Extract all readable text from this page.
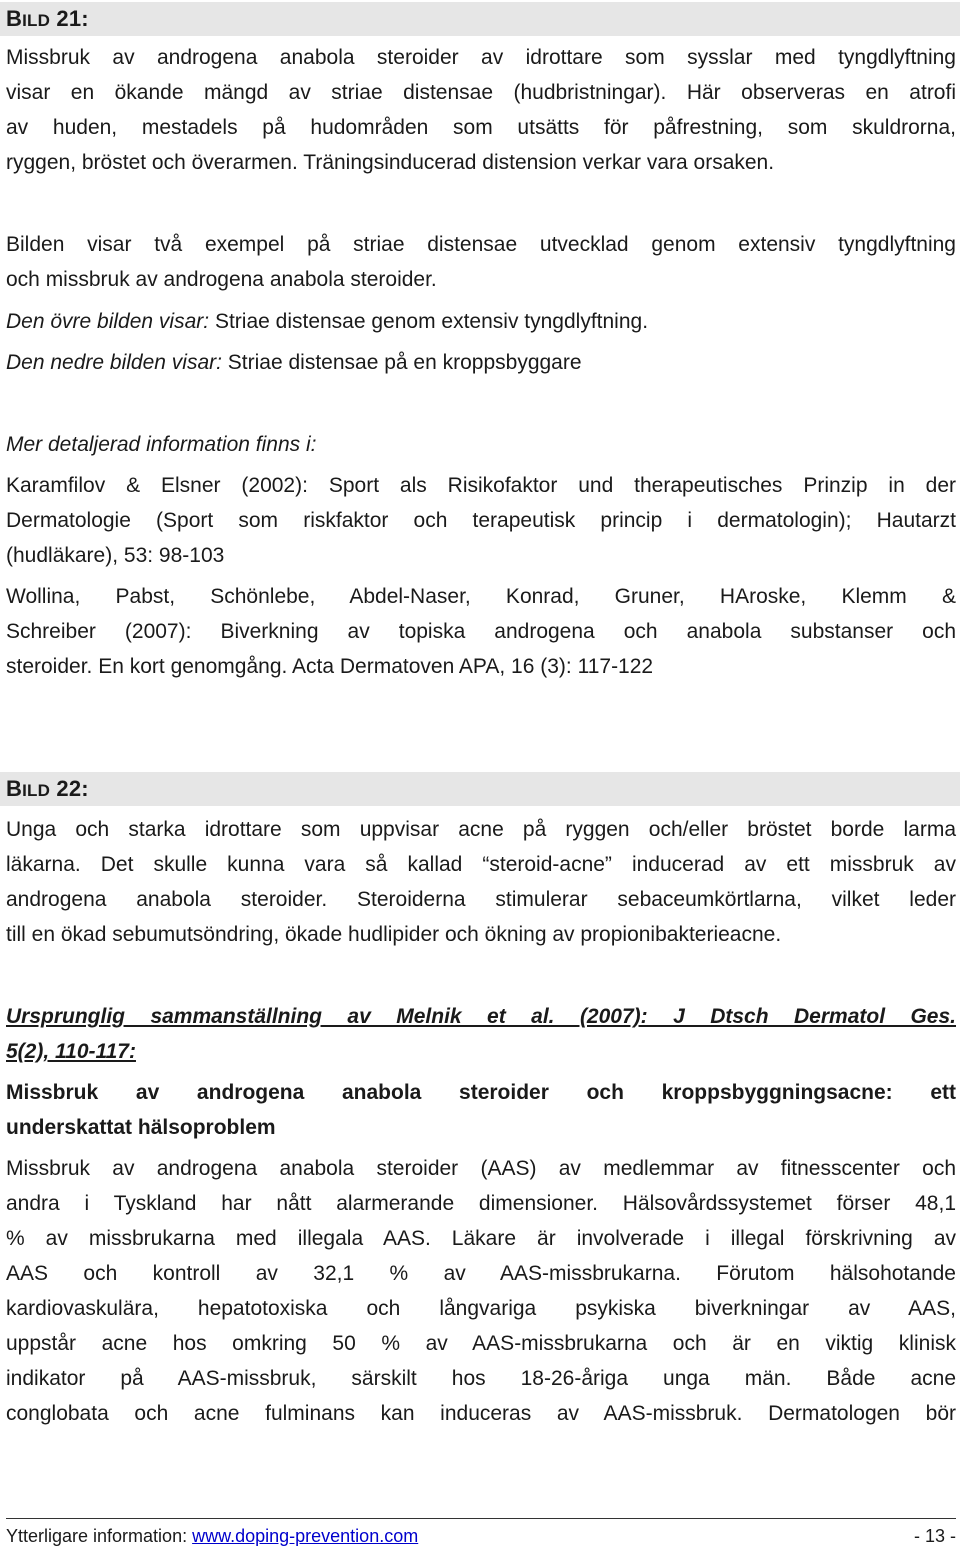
BILD 21:
Missbruk av androgena anabola steroider av idrottare som sysslar med tyngdlyftning
visar en ökande mängd av striae distensae (hudbristningar). Här observeras en atrofi
av huden, mestadels på hudområden som utsätts för påfrestning, som skuldrorna,
ryggen, bröstet och överarmen. Träningsinducerad distension verkar vara orsaken.
Bilden visar två exempel på striae distensae utvecklad genom extensiv tyngdlyftning
och missbruk av androgena anabola steroider.
Den övre bilden visar: Striae distensae genom extensiv tyngdlyftning.
Den nedre bilden visar: Striae distensae på en kroppsbyggare
Mer detaljerad information finns i:
Karamfilov & Elsner (2002): Sport als Risikofaktor und therapeutisches Prinzip in der
Dermatologie (Sport som riskfaktor och terapeutisk princip i dermatologin); Hautarzt
(hudläkare), 53: 98-103
Wollina, Pabst, Schönlebe, Abdel-Naser, Konrad, Gruner, HAroske, Klemm &
Schreiber (2007): Biverkning av topiska androgena och anabola substanser och
steroider. En kort genomgång. Acta Dermatoven APA, 16 (3): 117-122
BILD 22:
Unga och starka idrottare som uppvisar acne på ryggen och/eller bröstet borde larma
läkarna. Det skulle kunna vara så kallad “steroid-acne” inducerad av ett missbruk av
androgena anabola steroider. Steroiderna stimulerar sebaceumkörtlarna, vilket leder
till en ökad sebumutsöndring, ökade hudlipider och ökning av propionibakterieacne.
Ursprunglig sammanställning av Melnik et al. (2007): J Dtsch Dermatol Ges.
5(2), 110-117:
Missbruk av androgena anabola steroider och kroppsbyggningsacne: ett
underskattat hälsoproblem
Missbruk av androgena anabola steroider (AAS) av medlemmar av fitnesscenter och
andra i Tyskland har nått alarmerande dimensioner. Hälsovårdssystemet förser 48,1
% av missbrukarna med illegala AAS. Läkare är involverade i illegal förskrivning av
AAS och kontroll av 32,1 % av AAS-missbrukarna. Förutom hälsohotande
kardiovaskulära, hepatotoxiska och långvariga psykiska biverkningar av AAS,
uppstår acne hos omkring 50 % av AAS-missbrukarna och är en viktig klinisk
indikator på AAS-missbruk, särskilt hos 18-26-åriga unga män. Både acne
conglobata och acne fulminans kan induceras av AAS-missbruk. Dermatologen bör
Ytterligare information: www.doping-prevention.com	- 13 -
